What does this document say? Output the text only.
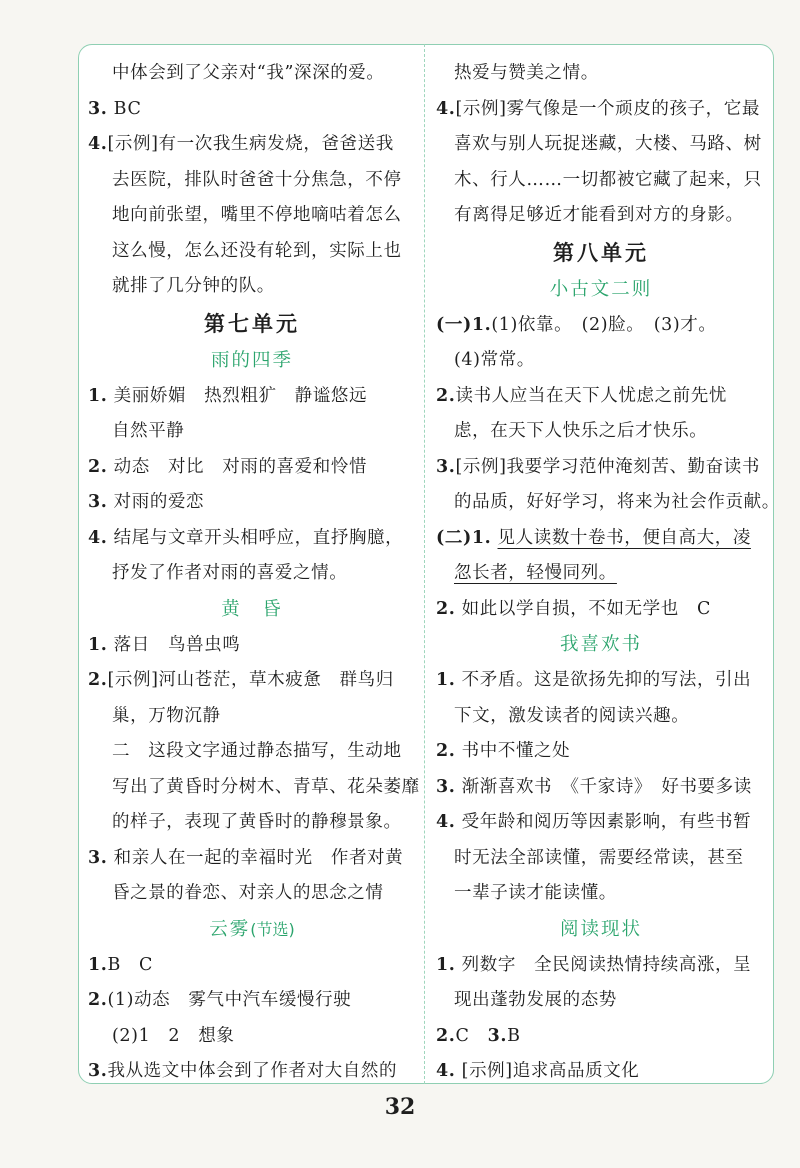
中体会到了父亲对“我”深深的爱。
3. BC
4.[示例]有一次我生病发烧，爸爸送我
去医院，排队时爸爸十分焦急，不停
地向前张望，嘴里不停地嘀咕着怎么
这么慢，怎么还没有轮到，实际上也
就排了几分钟的队。
第七单元
雨的四季
1. 美丽娇媚　热烈粗犷　静谧悠远
自然平静
2. 动态　对比　对雨的喜爱和怜惜
3. 对雨的爱恋
4. 结尾与文章开头相呼应，直抒胸臆，
抒发了作者对雨的喜爱之情。
黄　昏
1. 落日　鸟兽虫鸣
2.[示例]河山苍茫，草木疲惫　群鸟归
巢，万物沉静
二　这段文字通过静态描写，生动地
写出了黄昏时分树木、青草、花朵萎靡
的样子，表现了黄昏时的静穆景象。
3. 和亲人在一起的幸福时光　作者对黄
昏之景的眷恋、对亲人的思念之情
云雾(节选)
1.B　C
2.(1)动态　雾气中汽车缓慢行驶
(2)1　2　想象
3.我从选文中体会到了作者对大自然的
热爱与赞美之情。
4.[示例]雾气像是一个顽皮的孩子，它最
喜欢与别人玩捉迷藏，大楼、马路、树
木、行人……一切都被它藏了起来，只
有离得足够近才能看到对方的身影。
第八单元
小古文二则
(一)1.(1)依靠。　(2)脸。　(3)才。
(4)常常。
2.读书人应当在天下人忧虑之前先忧
虑，在天下人快乐之后才快乐。
3.[示例]我要学习范仲淹刻苦、勤奋读书
的品质，好好学习，将来为社会作贡献。
(二)1. 见人读数十卷书，便自高大，凌
忽长者，轻慢同列。
2. 如此以学自损，不如无学也　C
我喜欢书
1. 不矛盾。这是欲扬先抑的写法，引出
下文，激发读者的阅读兴趣。
2. 书中不懂之处
3. 渐渐喜欢书　《千家诗》　好书要多读
4. 受年龄和阅历等因素影响，有些书暂
时无法全部读懂，需要经常读，甚至
一辈子读才能读懂。
阅读现状
1. 列数字　全民阅读热情持续高涨，呈
现出蓬勃发展的态势
2.C　 3.B
4. [示例]追求高品质文化
32
